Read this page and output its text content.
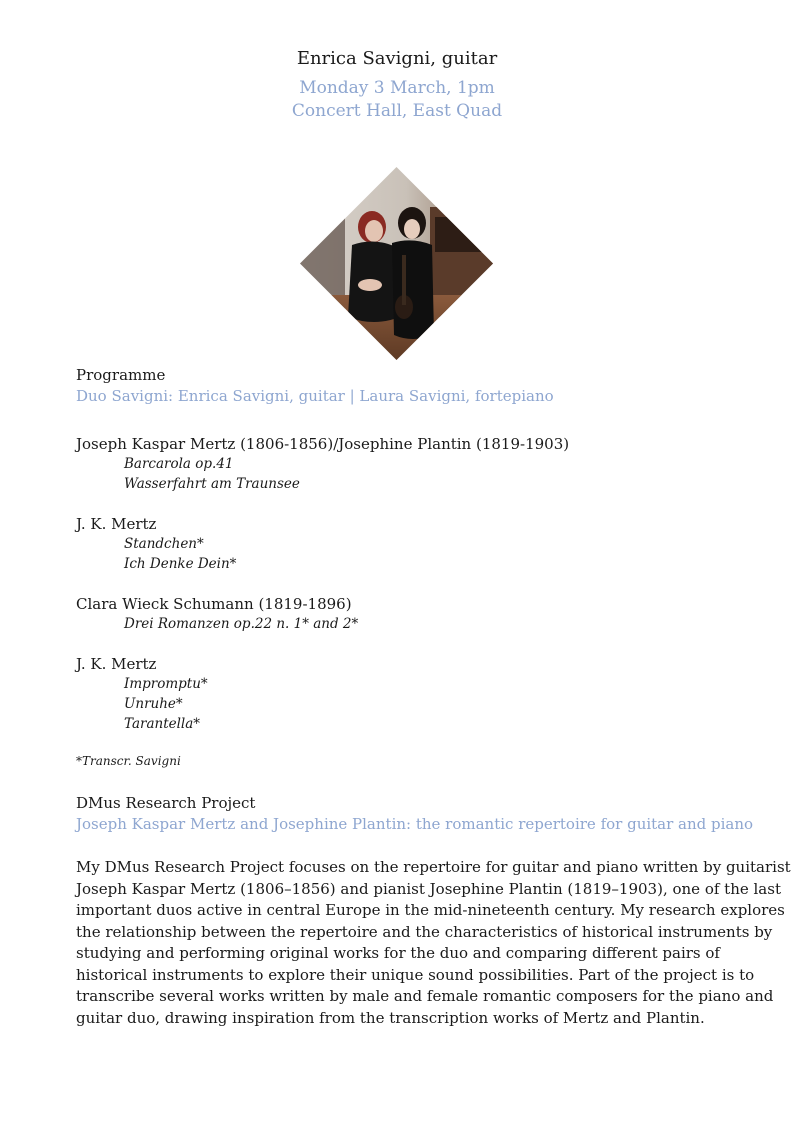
Enrica Savigni, guitar
Monday 3 March, 1pm
Concert Hall, East Quad
Programme
Duo Savigni: Enrica Savigni, guitar | Laura Savigni, fortepiano
Joseph Kaspar Mertz (1806-1856)/Josephine Plantin (1819-1903)
Barcarola op.41
Wasserfahrt am Traunsee
J. K. Mertz
Standchen*
Ich Denke Dein*
Clara Wieck Schumann (1819-1896)
Drei Romanzen op.22 n. 1* and 2*
J. K. Mertz
Impromptu*
Unruhe*
Tarantella*
*Transcr. Savigni
DMus Research Project
Joseph Kaspar Mertz and Josephine Plantin: the romantic repertoire for guitar and piano
My DMus Research Project focuses on the repertoire for guitar and piano written by guitarist Joseph Kaspar Mertz (1806–1856) and pianist Josephine Plantin (1819–1903), one of the last important duos active in central Europe in the mid-nineteenth century. My research explores the relationship between the repertoire and the characteristics of historical instruments by studying and performing original works for the duo and comparing different pairs of historical instruments to explore their unique sound possibilities. Part of the project is to transcribe several works written by male and female romantic composers for the piano and guitar duo, drawing inspiration from the transcription works of Mertz and Plantin.
